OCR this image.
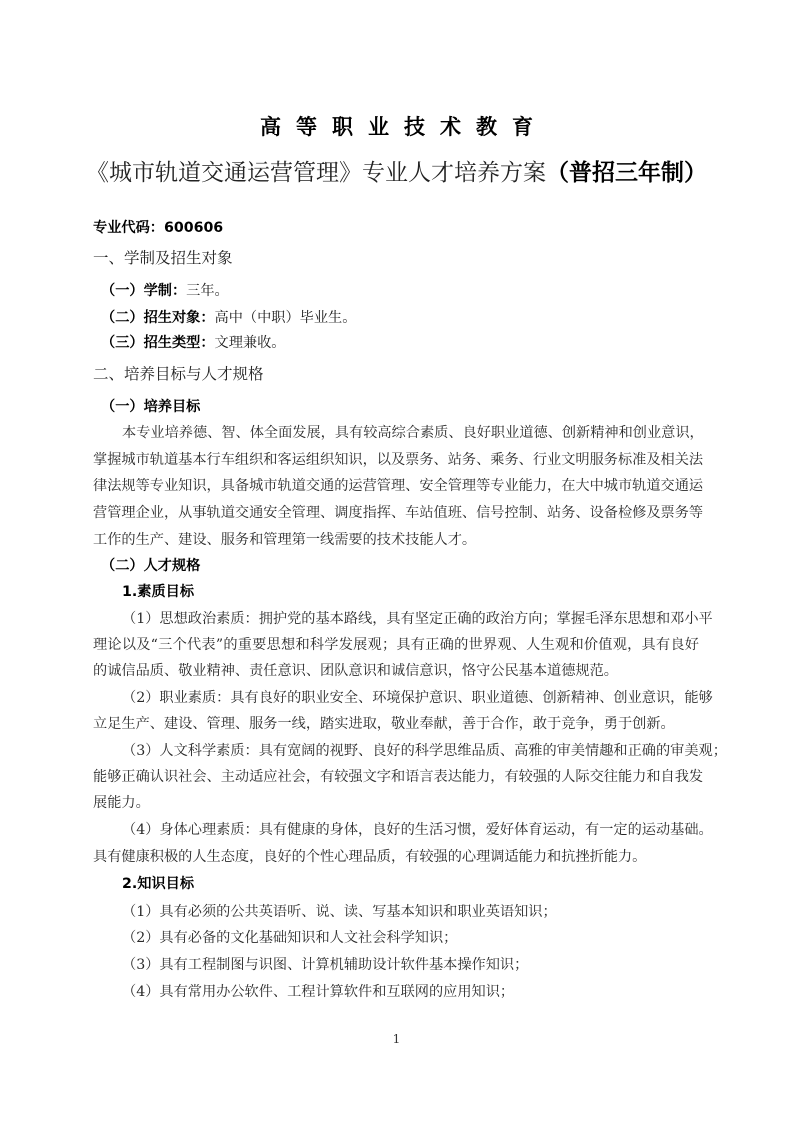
高等职业技术教育
《城市轨道交通运营管理》专业人才培养方案（普招三年制）
专业代码：600606
一、学制及招生对象
（一）学制：三年。
（二）招生对象：高中（中职）毕业生。
（三）招生类型：文理兼收。
二、培养目标与人才规格
（一）培养目标
本专业培养德、智、体全面发展，具有较高综合素质、良好职业道德、创新精神和创业意识，
掌握城市轨道基本行车组织和客运组织知识，以及票务、站务、乘务、行业文明服务标准及相关法
律法规等专业知识，具备城市轨道交通的运营管理、安全管理等专业能力，在大中城市轨道交通运
营管理企业，从事轨道交通安全管理、调度指挥、车站值班、信号控制、站务、设备检修及票务等
工作的生产、建设、服务和管理第一线需要的技术技能人才。
（二）人才规格
1.素质目标
（1）思想政治素质：拥护党的基本路线，具有坚定正确的政治方向；掌握毛泽东思想和邓小平
理论以及“三个代表”的重要思想和科学发展观；具有正确的世界观、人生观和价值观，具有良好
的诚信品质、敬业精神、责任意识、团队意识和诚信意识，恪守公民基本道德规范。
（2）职业素质：具有良好的职业安全、环境保护意识、职业道德、创新精神、创业意识，能够
立足生产、建设、管理、服务一线，踏实进取，敬业奉献，善于合作，敢于竞争，勇于创新。
（3）人文科学素质：具有宽阔的视野、良好的科学思维品质、高雅的审美情趣和正确的审美观；
能够正确认识社会、主动适应社会，有较强文字和语言表达能力，有较强的人际交往能力和自我发
展能力。
（4）身体心理素质：具有健康的身体，良好的生活习惯，爱好体育运动，有一定的运动基础。
具有健康积极的人生态度，良好的个性心理品质，有较强的心理调适能力和抗挫折能力。
2.知识目标
（1）具有必须的公共英语听、说、读、写基本知识和职业英语知识；
（2）具有必备的文化基础知识和人文社会科学知识；
（3）具有工程制图与识图、计算机辅助设计软件基本操作知识；
（4）具有常用办公软件、工程计算软件和互联网的应用知识；
1
